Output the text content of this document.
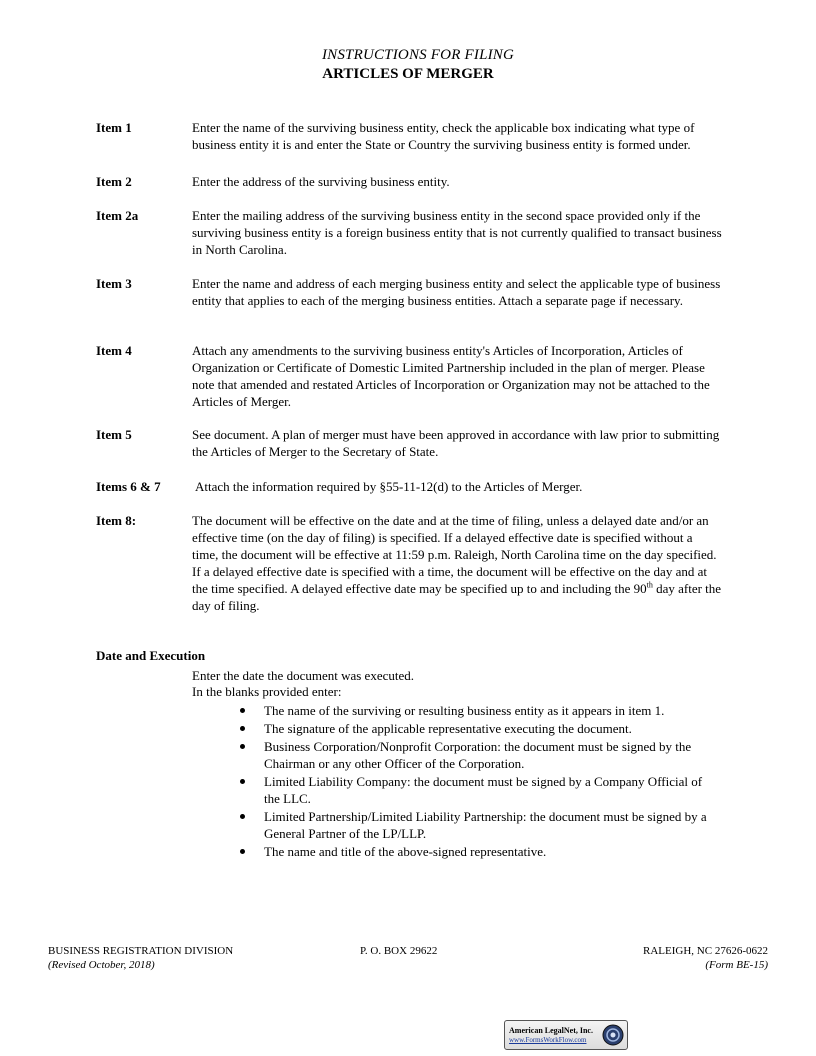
INSTRUCTIONS FOR FILING
ARTICLES OF MERGER
Item 1	Enter the name of the surviving business entity, check the applicable box indicating what type of business entity it is and enter the State or Country the surviving business entity is formed under.
Item 2	Enter the address of the surviving business entity.
Item 2a	Enter the mailing address of the surviving business entity in the second space provided only if the surviving business entity is a foreign business entity that is not currently qualified to transact business in North Carolina.
Item 3	Enter the name and address of each merging business entity and select the applicable type of business entity that applies to each of the merging business entities. Attach a separate page if necessary.
Item 4	Attach any amendments to the surviving business entity's Articles of Incorporation, Articles of Organization or Certificate of Domestic Limited Partnership included in the plan of merger. Please note that amended and restated Articles of Incorporation or Organization may not be attached to the Articles of Merger.
Item 5	See document. A plan of merger must have been approved in accordance with law prior to submitting the Articles of Merger to the Secretary of State.
Items 6 & 7	Attach the information required by §55-11-12(d) to the Articles of Merger.
Item 8:	The document will be effective on the date and at the time of filing, unless a delayed date and/or an effective time (on the day of filing) is specified. If a delayed effective date is specified without a time, the document will be effective at 11:59 p.m. Raleigh, North Carolina time on the day specified. If a delayed effective date is specified with a time, the document will be effective on the day and at the time specified. A delayed effective date may be specified up to and including the 90th day after the day of filing.
Date and Execution
Enter the date the document was executed.
In the blanks provided enter:
The name of the surviving or resulting business entity as it appears in item 1.
The signature of the applicable representative executing the document.
Business Corporation/Nonprofit Corporation: the document must be signed by the Chairman or any other Officer of the Corporation.
Limited Liability Company: the document must be signed by a Company Official of the LLC.
Limited Partnership/Limited Liability Partnership: the document must be signed by a General Partner of the LP/LLP.
The name and title of the above-signed representative.
BUSINESS REGISTRATION DIVISION
(Revised October, 2018)
P. O. BOX 29622	RALEIGH, NC 27626-0622
(Form BE-15)
American LegalNet, Inc.
www.FormsWorkFlow.com
